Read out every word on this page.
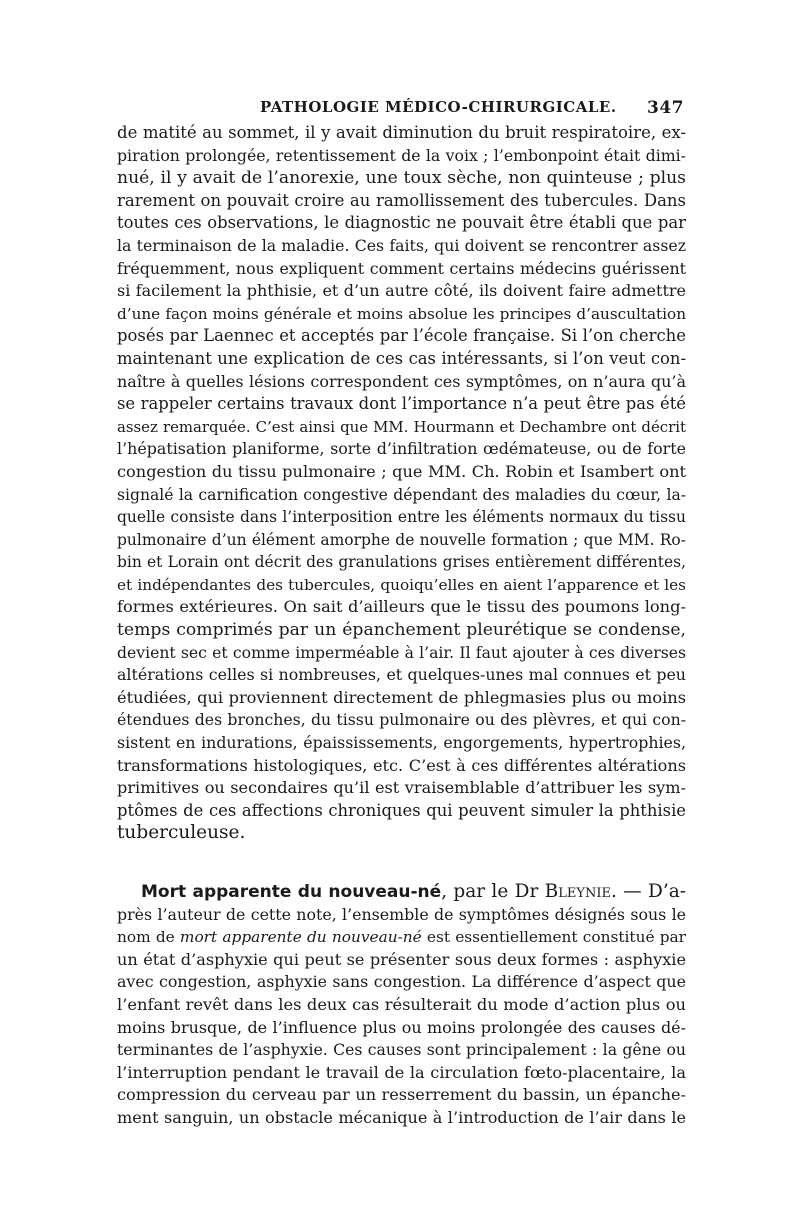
PATHOLOGIE MÉDICO-CHIRURGICALE. 347
de matité au sommet, il y avait diminution du bruit respiratoire, ex-
piration prolongée, retentissement de la voix ; l’embonpoint était dimi-
nué, il y avait de l’anorexie, une toux sèche, non quinteuse ; plus
rarement on pouvait croire au ramollissement des tubercules. Dans
toutes ces observations, le diagnostic ne pouvait être établi que par
la terminaison de la maladie. Ces faits, qui doivent se rencontrer assez
fréquemment, nous expliquent comment certains médecins guérissent
si facilement la phthisie, et d’un autre côté, ils doivent faire admettre
d’une façon moins générale et moins absolue les principes d’auscultation
posés par Laennec et acceptés par l’école française. Si l’on cherche
maintenant une explication de ces cas intéressants, si l’on veut con-
naître à quelles lésions correspondent ces symptômes, on n’aura qu’à
se rappeler certains travaux dont l’importance n’a peut être pas été
assez remarquée. C’est ainsi que MM. Hourmann et Dechambre ont décrit
l’hépatisation planiforme, sorte d’infiltration œdémateuse, ou de forte
congestion du tissu pulmonaire ; que MM. Ch. Robin et Isambert ont
signalé la carnification congestive dépendant des maladies du cœur, la-
quelle consiste dans l’interposition entre les éléments normaux du tissu
pulmonaire d’un élément amorphe de nouvelle formation ; que MM. Ro-
bin et Lorain ont décrit des granulations grises entièrement différentes,
et indépendantes des tubercules, quoiqu’elles en aient l’apparence et les
formes extérieures. On sait d’ailleurs que le tissu des poumons long-
temps comprimés par un épanchement pleurétique se condense,
devient sec et comme imperméable à l’air. Il faut ajouter à ces diverses
altérations celles si nombreuses, et quelques-unes mal connues et peu
étudiées, qui proviennent directement de phlegmasies plus ou moins
étendues des bronches, du tissu pulmonaire ou des plèvres, et qui con-
sistent en indurations, épaississements, engorgements, hypertrophies,
transformations histologiques, etc. C’est à ces différentes altérations
primitives ou secondaires qu’il est vraisemblable d’attribuer les sym-
ptômes de ces affections chroniques qui peuvent simuler la phthisie
tuberculeuse.
Mort apparente du nouveau-né, par le Dr Bleynie. — D’a-
près l’auteur de cette note, l’ensemble de symptômes désignés sous le
nom de mort apparente du nouveau-né est essentiellement constitué par
un état d’asphyxie qui peut se présenter sous deux formes : asphyxie
avec congestion, asphyxie sans congestion. La différence d’aspect que
l’enfant revêt dans les deux cas résulterait du mode d’action plus ou
moins brusque, de l’influence plus ou moins prolongée des causes dé-
terminantes de l’asphyxie. Ces causes sont principalement : la gêne ou
l’interruption pendant le travail de la circulation fœto-placentaire, la
compression du cerveau par un resserrement du bassin, un épanche-
ment sanguin, un obstacle mécanique à l’introduction de l’air dans le
